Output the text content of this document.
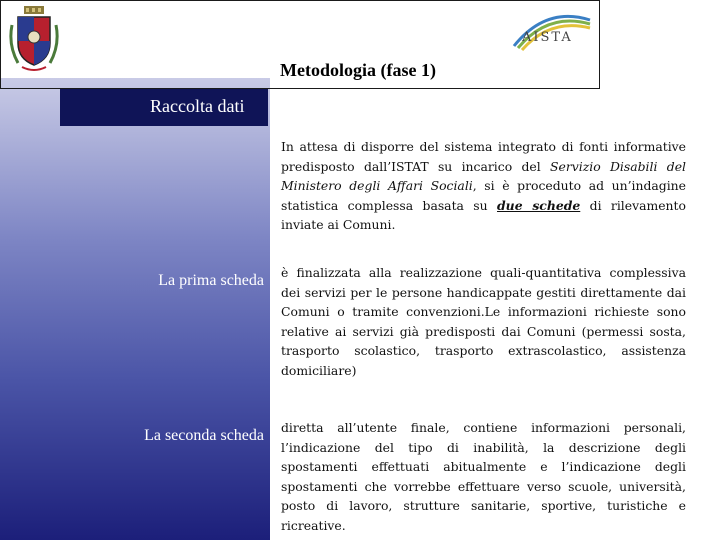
AISTA
Metodologia (fase 1)
Raccolta dati

In attesa di disporre del sistema integrato di fonti informative predisposto dall’ISTAT su incarico del Servizio Disabili del Ministero degli Affari Sociali, si è proceduto ad un’indagine statistica complessa basata su due schede di rilevamento inviate ai Comuni.

La prima scheda è finalizzata alla realizzazione quali-quantitativa complessiva dei servizi per le persone handicappate gestiti direttamente dai Comuni o tramite convenzioni.Le informazioni richieste sono relative ai servizi già predisposti dai Comuni (permessi sosta, trasporto scolastico, trasporto extrascolastico, assistenza domiciliare)

La seconda scheda diretta all’utente finale, contiene informazioni personali, l’indicazione del tipo di inabilità, la descrizione degli spostamenti effettuati abitualmente e l’indicazione degli spostamenti che vorrebbe effettuare verso scuole, università, posto di lavoro, strutture sanitarie, sportive, turistiche e ricreative.
